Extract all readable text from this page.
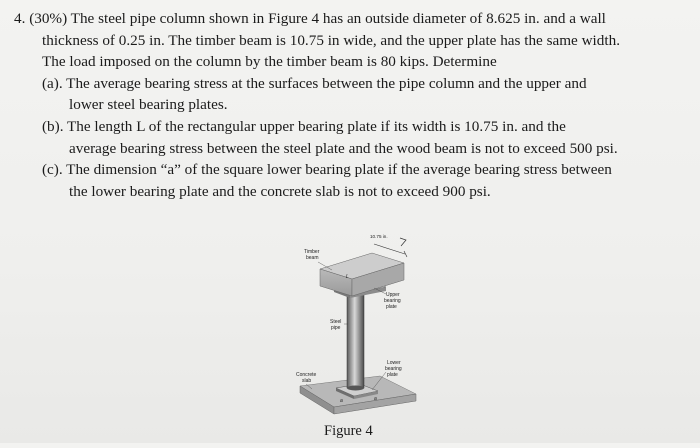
4. (30%) The steel pipe column shown in Figure 4 has an outside diameter of 8.625 in. and a wall
thickness of 0.25 in. The timber beam is 10.75 in wide, and the upper plate has the same width.
The load imposed on the column by the timber beam is 80 kips. Determine
(a). The average bearing stress at the surfaces between the pipe column and the upper and
lower steel bearing plates.
(b). The length L of the rectangular upper bearing plate if its width is 10.75 in. and the
average bearing stress between the steel plate and the wood beam is not to exceed 500 psi.
(c). The dimension “a” of the square lower bearing plate if the average bearing stress between
the lower bearing plate and the concrete slab is not to exceed 900 psi.
10.75 in.
Timber
beam
L
Upper
bearing
plate
Steel
pipe
Lower
bearing
plate
Concrete
slab
a	a
Figure 4
